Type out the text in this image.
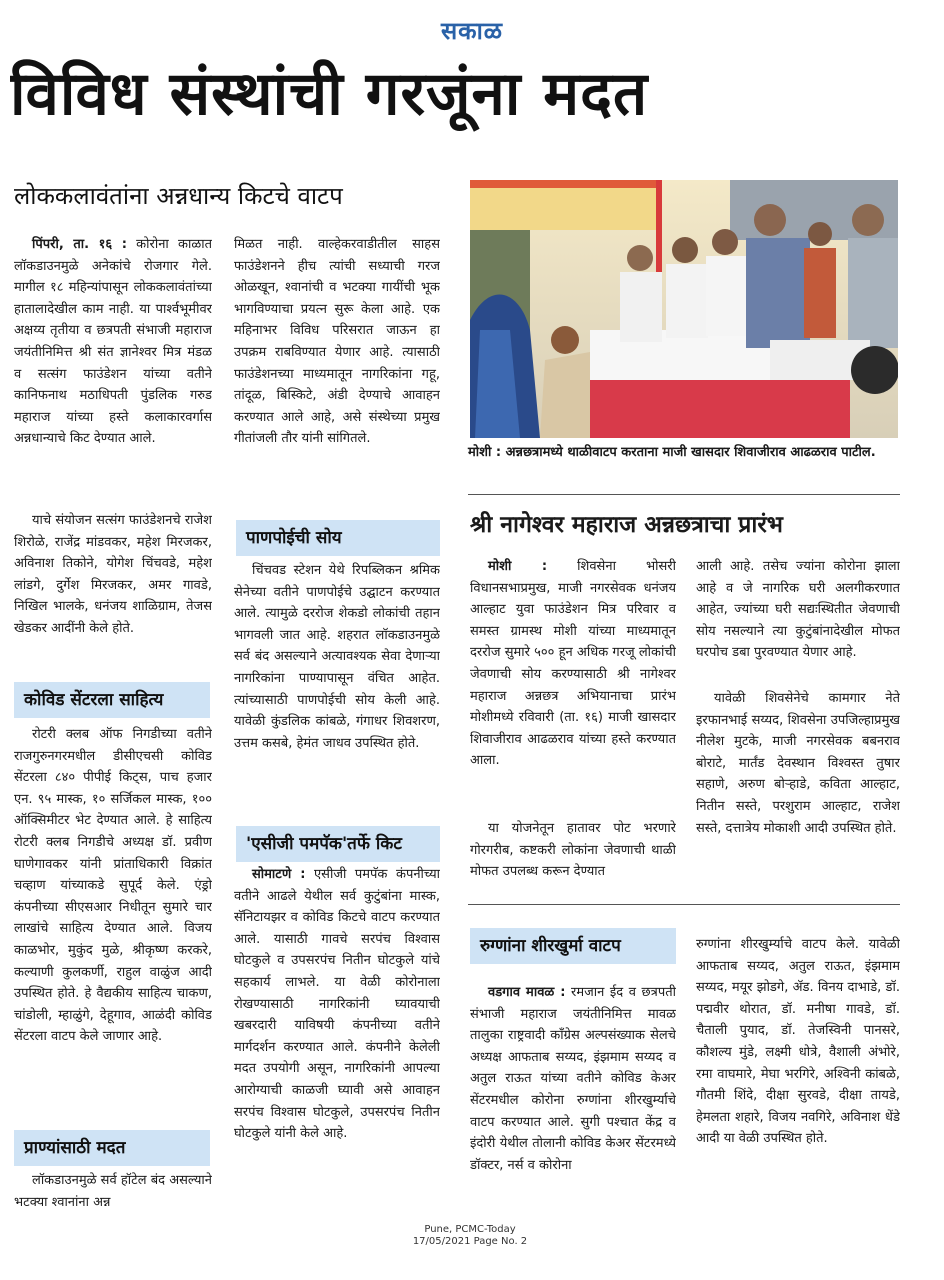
सकाळ
विविध संस्थांची गरजूंना मदत
लोककलावंतांना अन्नधान्य किटचे वाटप

पिंपरी, ता. १६ : कोरोना काळात लॉकडाउनमुळे अनेकांचे रोजगार गेले. मागील १८ महिन्यांपासून लोककलावंतांच्या हातालादेखील काम नाही. या पार्श्वभूमीवर अक्षय्य तृतीया व छत्रपती संभाजी महाराज जयंतीनिमित्त श्री संत ज्ञानेश्वर मित्र मंडळ व सत्संग फाउंडेशन यांच्या वतीने कानिफनाथ मठाधिपती पुंडलिक गरुड महाराज यांच्या हस्ते कलाकारवर्गास अन्नधान्याचे किट देण्यात आले.

याचे संयोजन सत्संग फाउंडेशनचे राजेश शिरोळे, राजेंद्र मांडवकर, महेश मिरजकर, अविनाश तिकोने, योगेश चिंचवडे, महेश लांडगे, दुर्गेश मिरजकर, अमर गावडे, निखिल भालके, धनंजय शाळिग्राम, तेजस खेडकर आदींनी केले होते.

कोविड सेंटरला साहित्य

रोटरी क्लब ऑफ निगडीच्या वतीने राजगुरुनगरमधील डीसीएचसी कोविड सेंटरला ८४० पीपीई किट्स, पाच हजार एन. ९५ मास्क, १० सर्जिकल मास्क, १०० ऑक्सिमीटर भेट देण्यात आले. हे साहित्य रोटरी क्लब निगडीचे अध्यक्ष डॉ. प्रवीण घाणेगावकर यांनी प्रांताधिकारी विक्रांत चव्हाण यांच्याकडे सुपूर्द केले. एंड्रो कंपनीच्या सीएसआर निधीतून सुमारे चार लाखांचे साहित्य देण्यात आले. विजय काळभोर, मुकुंद मुळे, श्रीकृष्ण करकरे, कल्याणी कुलकर्णी, राहुल वाळुंज आदी उपस्थित होते. हे वैद्यकीय साहित्य चाकण, चांडोली, म्हाळुंगे, देहूगाव, आळंदी कोविड सेंटरला वाटप केले जाणार आहे.

प्राण्यांसाठी मदत

लॉकडाउनमुळे सर्व हॉटेल बंद असल्याने भटक्या श्वानांना अन्न

मिळत नाही. वाल्हेकरवाडीतील साहस फाउंडेशनने हीच त्यांची सध्याची गरज ओळखून, श्वानांची व भटक्या गायींची भूक भागविण्याचा प्रयत्न सुरू केला आहे. एक महिनाभर विविध परिसरात जाऊन हा उपक्रम राबविण्यात येणार आहे. त्यासाठी फाउंडेशनच्या माध्यमातून नागरिकांना गहू, तांदूळ, बिस्किटे, अंडी देण्याचे आवाहन करण्यात आले आहे, असे संस्थेच्या प्रमुख गीतांजली तौर यांनी सांगितले.

पाणपोईची सोय

चिंचवड स्टेशन येथे रिपब्लिकन श्रमिक सेनेच्या वतीने पाणपोईचे उद्घाटन करण्यात आले. त्यामुळे दररोज शेकडो लोकांची तहान भागवली जात आहे. शहरात लॉकडाउनमुळे सर्व बंद असल्याने अत्यावश्यक सेवा देणाऱ्या नागरिकांना पाण्यापासून वंचित आहेत. त्यांच्यासाठी पाणपोईची सोय केली आहे. यावेळी कुंडलिक कांबळे, गंगाधर शिवशरण, उत्तम कसबे, हेमंत जाधव उपस्थित होते.

'एसीजी पमपॅक'तर्फे किट

सोमाटणे : एसीजी पमपॅक कंपनीच्या वतीने आढले येथील सर्व कुटुंबांना मास्क, सॅनिटायझर व कोविड किटचे वाटप करण्यात आले. यासाठी गावचे सरपंच विश्वास घोटकुले व उपसरपंच नितीन घोटकुले यांचे सहकार्य लाभले. या वेळी कोरोनाला रोखण्यासाठी नागरिकांनी घ्यावयाची खबरदारी याविषयी कंपनीच्या वतीने मार्गदर्शन करण्यात आले. कंपनीने केलेली मदत उपयोगी असून, नागरिकांनी आपल्या आरोग्याची काळजी घ्यावी असे आवाहन सरपंच विश्वास घोटकुले, उपसरपंच नितीन घोटकुले यांनी केले आहे.

मोशी : अन्नछत्रामध्ये थाळीवाटप करताना माजी खासदार शिवाजीराव आढळराव पाटील.
श्री नागेश्वर महाराज अन्नछत्राचा प्रारंभ

मोशी : शिवसेना भोसरी विधानसभाप्रमुख, माजी नगरसेवक धनंजय आल्हाट युवा फाउंडेशन मित्र परिवार व समस्त ग्रामस्थ मोशी यांच्या माध्यमातून दररोज सुमारे ५०० हून अधिक गरजू लोकांची जेवणाची सोय करण्यासाठी श्री नागेश्वर महाराज अन्नछत्र अभियानाचा प्रारंभ मोशीमध्ये रविवारी (ता. १६) माजी खासदार शिवाजीराव आढळराव यांच्या हस्ते करण्यात आला.

या योजनेतून हातावर पोट भरणारे गोरगरीब, कष्टकरी लोकांना जेवणाची थाळी मोफत उपलब्ध करून देण्यात

आली आहे. तसेच ज्यांना कोरोना झाला आहे व जे नागरिक घरी अलगीकरणात आहेत, ज्यांच्या घरी सद्यःस्थितीत जेवणाची सोय नसल्याने त्या कुटुंबांनादेखील मोफत घरपोच डबा पुरवण्यात येणार आहे.

यावेळी शिवसेनेचे कामगार नेते इरफानभाई सय्यद, शिवसेना उपजिल्हाप्रमुख नीलेश मुटके, माजी नगरसेवक बबनराव बोराटे, मार्तंड देवस्थान विश्वस्त तुषार सहाणे, अरुण बोऱ्हाडे, कविता आल्हाट, नितीन सस्ते, परशुराम आल्हाट, राजेश सस्ते, दत्तात्रेय मोकाशी आदी उपस्थित होते.

रुग्णांना शीरखुर्मा वाटप

वडगाव मावळ : रमजान ईद व छत्रपती संभाजी महाराज जयंतीनिमित्त मावळ तालुका राष्ट्रवादी काँग्रेस अल्पसंख्याक सेलचे अध्यक्ष आफताब सय्यद, इंझमाम सय्यद व अतुल राऊत यांच्या वतीने कोविड केअर सेंटरमधील कोरोना रुग्णांना शीरखुर्म्याचे वाटप करण्यात आले. सुगी पश्चात केंद्र व इंदोरी येथील तोलानी कोविड केअर सेंटरमध्ये डॉक्टर, नर्स व कोरोना

रुग्णांना शीरखुर्म्याचे वाटप केले. यावेळी आफताब सय्यद, अतुल राऊत, इंझमाम सय्यद, मयूर झोडगे, ॲड. विनय दाभाडे, डॉ. पद्मवीर थोरात, डॉ. मनीषा गावडे, डॉ. चैताली पुयाद, डॉ. तेजस्विनी पानसरे, कौशल्य मुंडे, लक्ष्मी धोत्रे, वैशाली अंभोरे, रमा वाघमारे, मेघा भरगिरे, अश्विनी कांबळे, गौतमी शिंदे, दीक्षा सुरवडे, दीक्षा तायडे, हेमलता शहारे, विजय नवगिरे, अविनाश धेंडे आदी या वेळी उपस्थित होते.

Pune, PCMC-Today
17/05/2021 Page No. 2
